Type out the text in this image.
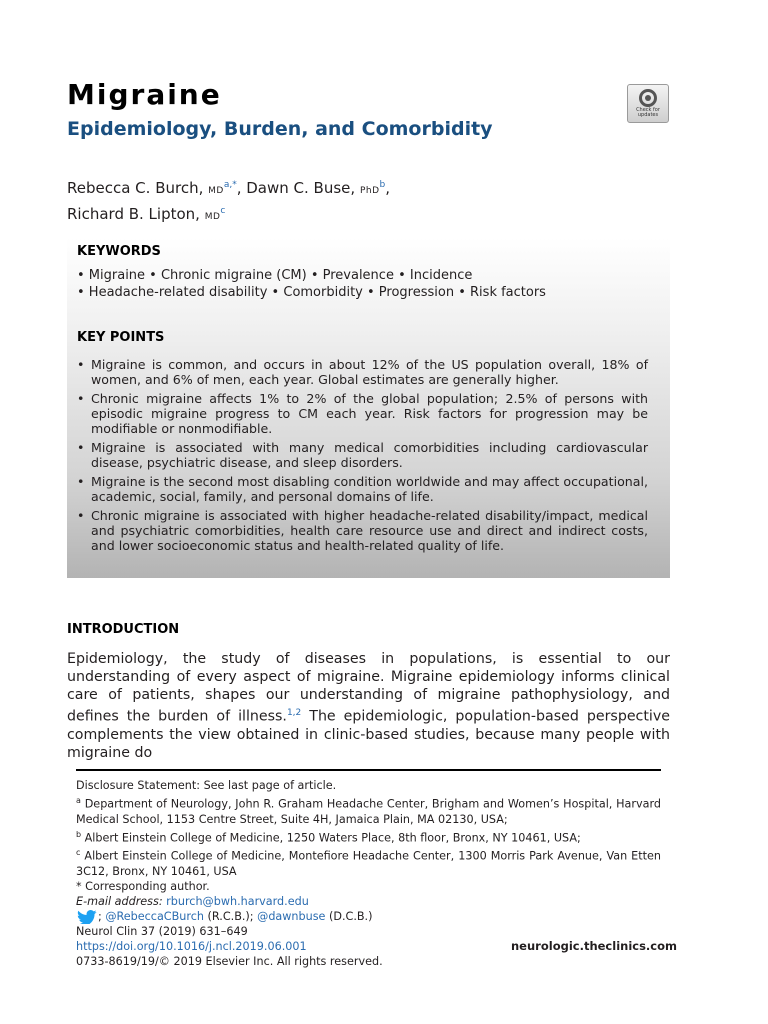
Migraine
Epidemiology, Burden, and Comorbidity
Check for updates
Rebecca C. Burch, $MD^{a,*}$, Dawn C. Buse, PhD$^b$,
Richard B. Lipton, $MD^c$
KEYWORDS
• Migraine • Chronic migraine (CM) • Prevalence • Incidence
• Headache-related disability • Comorbidity • Progression • Risk factors
KEY POINTS
• Migraine is common, and occurs in about 12% of the US population overall, 18% of women, and 6% of men, each year. Global estimates are generally higher.
• Chronic migraine affects 1% to 2% of the global population; 2.5% of persons with episodic migraine progress to CM each year. Risk factors for progression may be modifiable or nonmodifiable.
• Migraine is associated with many medical comorbidities including cardiovascular disease, psychiatric disease, and sleep disorders.
• Migraine is the second most disabling condition worldwide and may affect occupational, academic, social, family, and personal domains of life.
• Chronic migraine is associated with higher headache-related disability/impact, medical and psychiatric comorbidities, health care resource use and direct and indirect costs, and lower socioeconomic status and health-related quality of life.
INTRODUCTION
Epidemiology, the study of diseases in populations, is essential to our understanding of every aspect of migraine. Migraine epidemiology informs clinical care of patients, shapes our understanding of migraine pathophysiology, and defines the burden of illness.$^{1,2}$ The epidemiologic, population-based perspective complements the view obtained in clinic-based studies, because many people with migraine do
Disclosure Statement: See last page of article.
$^a$ Department of Neurology, John R. Graham Headache Center, Brigham and Women’s Hospital, Harvard Medical School, 1153 Centre Street, Suite 4H, Jamaica Plain, MA 02130, USA;
$^b$ Albert Einstein College of Medicine, 1250 Waters Place, 8th floor, Bronx, NY 10461, USA;
$^c$ Albert Einstein College of Medicine, Montefiore Headache Center, 1300 Morris Park Avenue, Van Etten 3C12, Bronx, NY 10461, USA
* Corresponding author.
E-mail address: rburch@bwh.harvard.edu
; @RebeccaCBurch (R.C.B.); @dawnbuse (D.C.B.)
Neurol Clin 37 (2019) 631–649
https://doi.org/10.1016/j.ncl.2019.06.001
0733-8619/19/© 2019 Elsevier Inc. All rights reserved.
neurologic.theclinics.com
